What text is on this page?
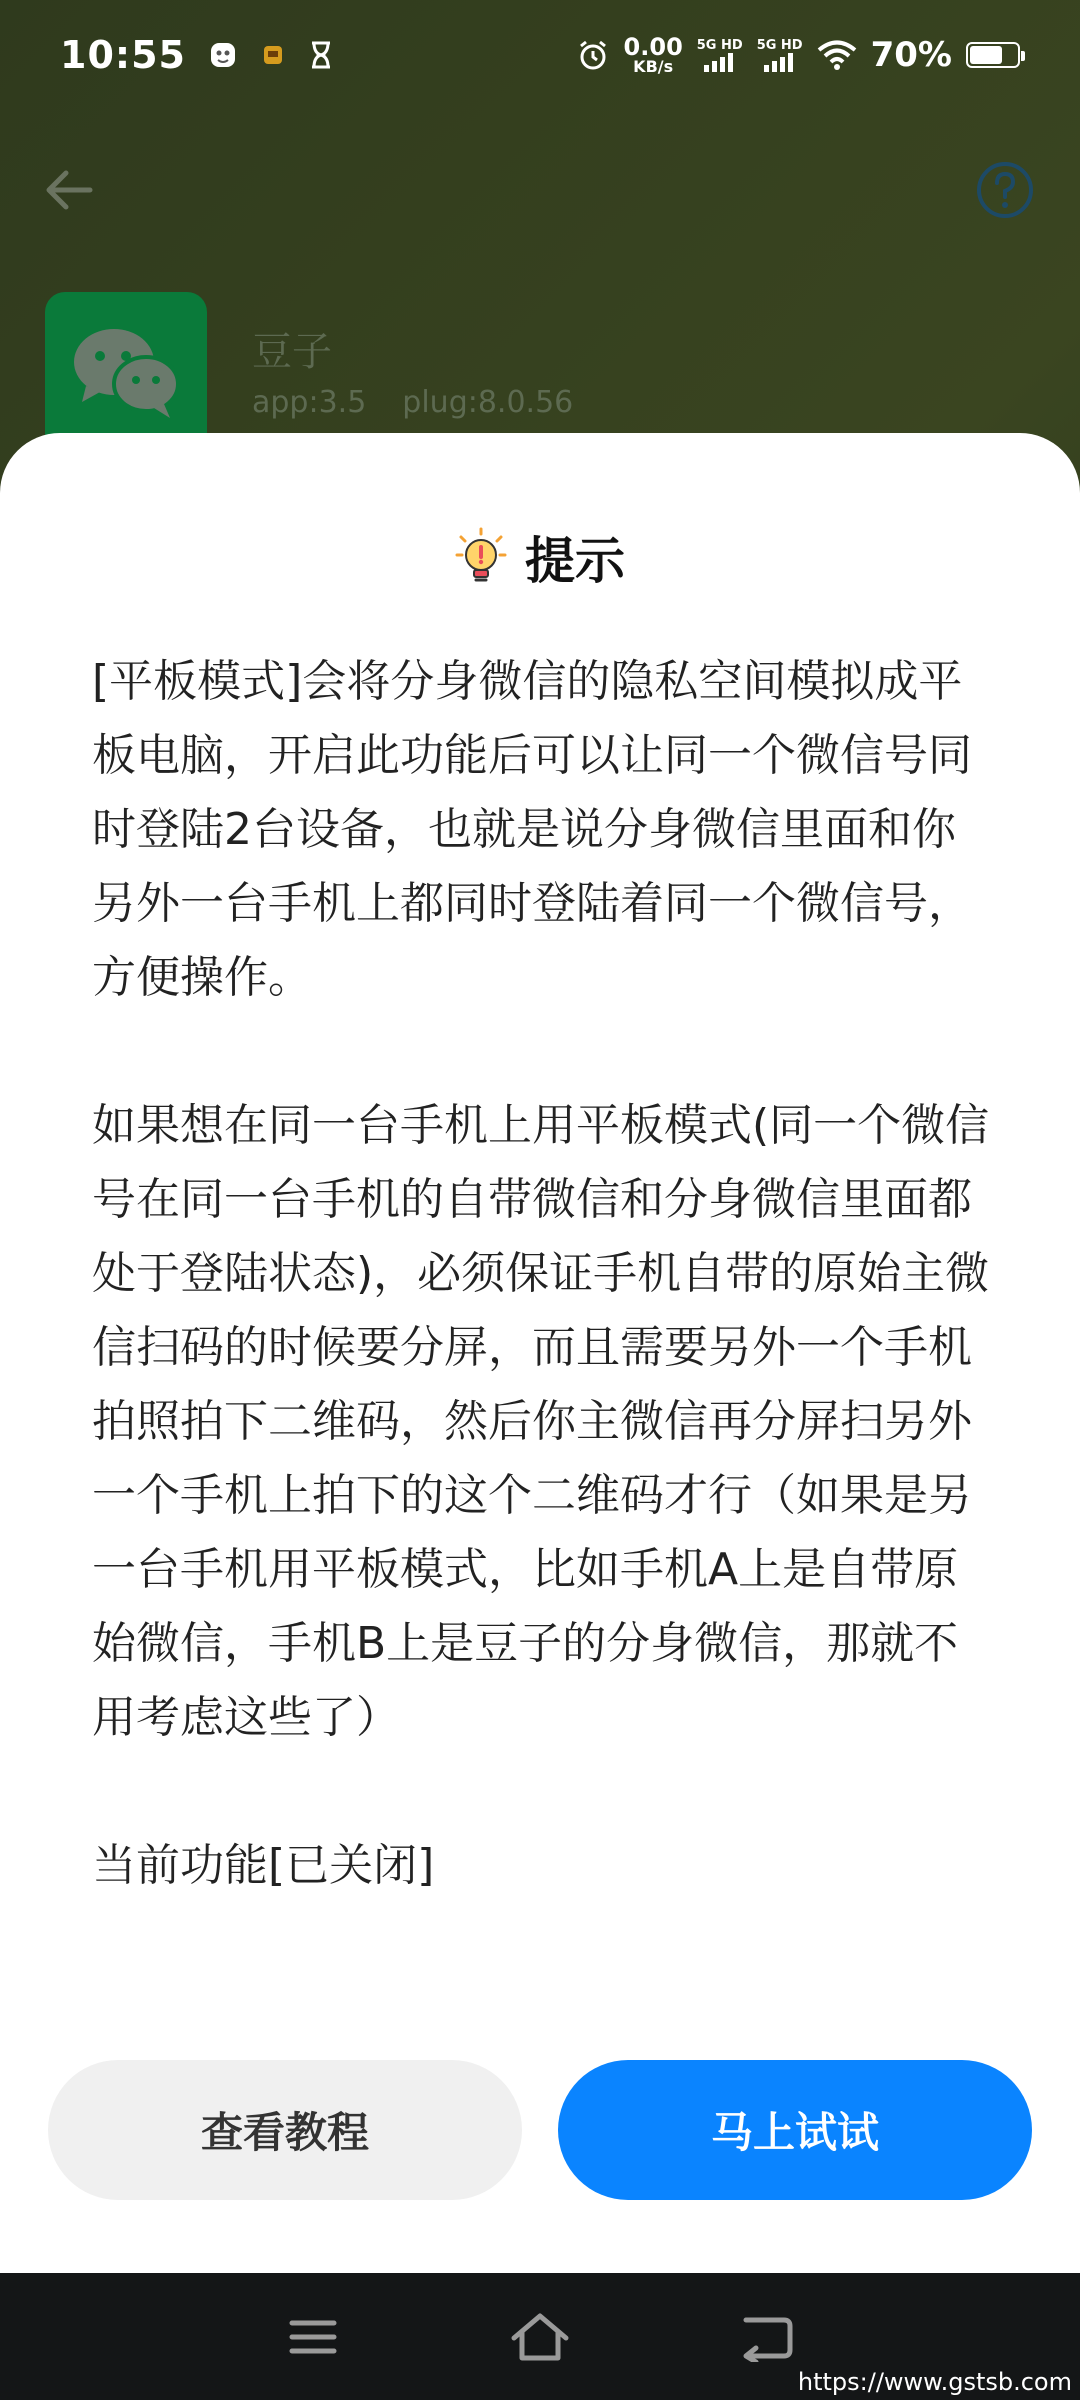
10:55	0.00
KB/s
5G HD 5G HD 70%
豆子
app:3.5 plug:8.0.56
提示

[平板模式]会将分身微信的隐私空间模拟成平板电脑，开启此功能后可以让同一个微信号同时登陆2台设备，也就是说分身微信里面和你另外一台手机上都同时登陆着同一个微信号，方便操作。

如果想在同一台手机上用平板模式(同一个微信号在同一台手机的自带微信和分身微信里面都处于登陆状态)，必须保证手机自带的原始主微信扫码的时候要分屏，而且需要另外一个手机拍照拍下二维码，然后你主微信再分屏扫另外一个手机上拍下的这个二维码才行（如果是另一台手机用平板模式，比如手机A上是自带原始微信，手机B上是豆子的分身微信，那就不用考虑这些了）

当前功能[已关闭]

查看教程	马上试试
https://www.gstsb.com
